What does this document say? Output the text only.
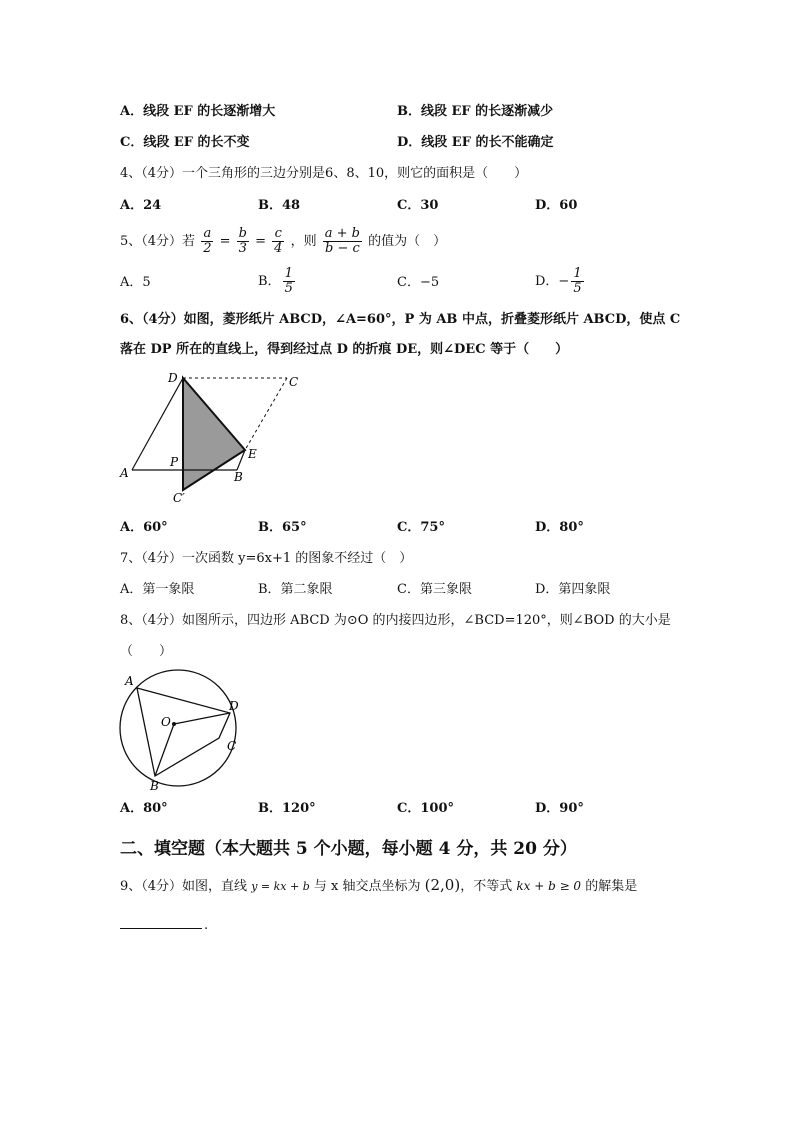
A．线段 EF 的长逐渐增大	B．线段 EF 的长逐渐减少
C．线段 EF 的长不变	D．线段 EF 的长不能确定
4、（4分）一个三角形的三边分别是6、8、10，则它的面积是（　　）
A．24	B．48	C．30	D．60
5、（4分）若 $\frac{a}{2} = \frac{b}{3} = \frac{c}{4}$ ，则 $\frac{a + b}{b - c}$ 的值为（　）
A．5	B． $\frac{1}{5}$	C．−5	D．− $\frac{1}{5}$
6、（4分）如图，菱形纸片 ABCD，∠A=60°，P 为 AB 中点，折叠菱形纸片 ABCD，使点 C
落在 DP 所在的直线上，得到经过点 D 的折痕 DE，则∠DEC 等于（　　）
D	C
A
P
E
B
C′
A．60°	B．65°	C．75°	D．80°
7、（4分）一次函数 y=6x+1 的图象不经过（　）
A．第一象限	B．第二象限	C．第三象限	D．第四象限
8、（4分）如图所示，四边形 ABCD 为⊙O 的内接四边形，∠BCD=120°，则∠BOD 的大小是
（　　）
A
D
O
C
B
A．80°	B．120°	C．100°	D．90°
二、填空题（本大题共 5 个小题，每小题 4 分，共 20 分）
9、（4分）如图，直线 y = kx + b 与 x 轴交点坐标为 (2,0)，不等式 kx + b ≥ 0 的解集是
.
